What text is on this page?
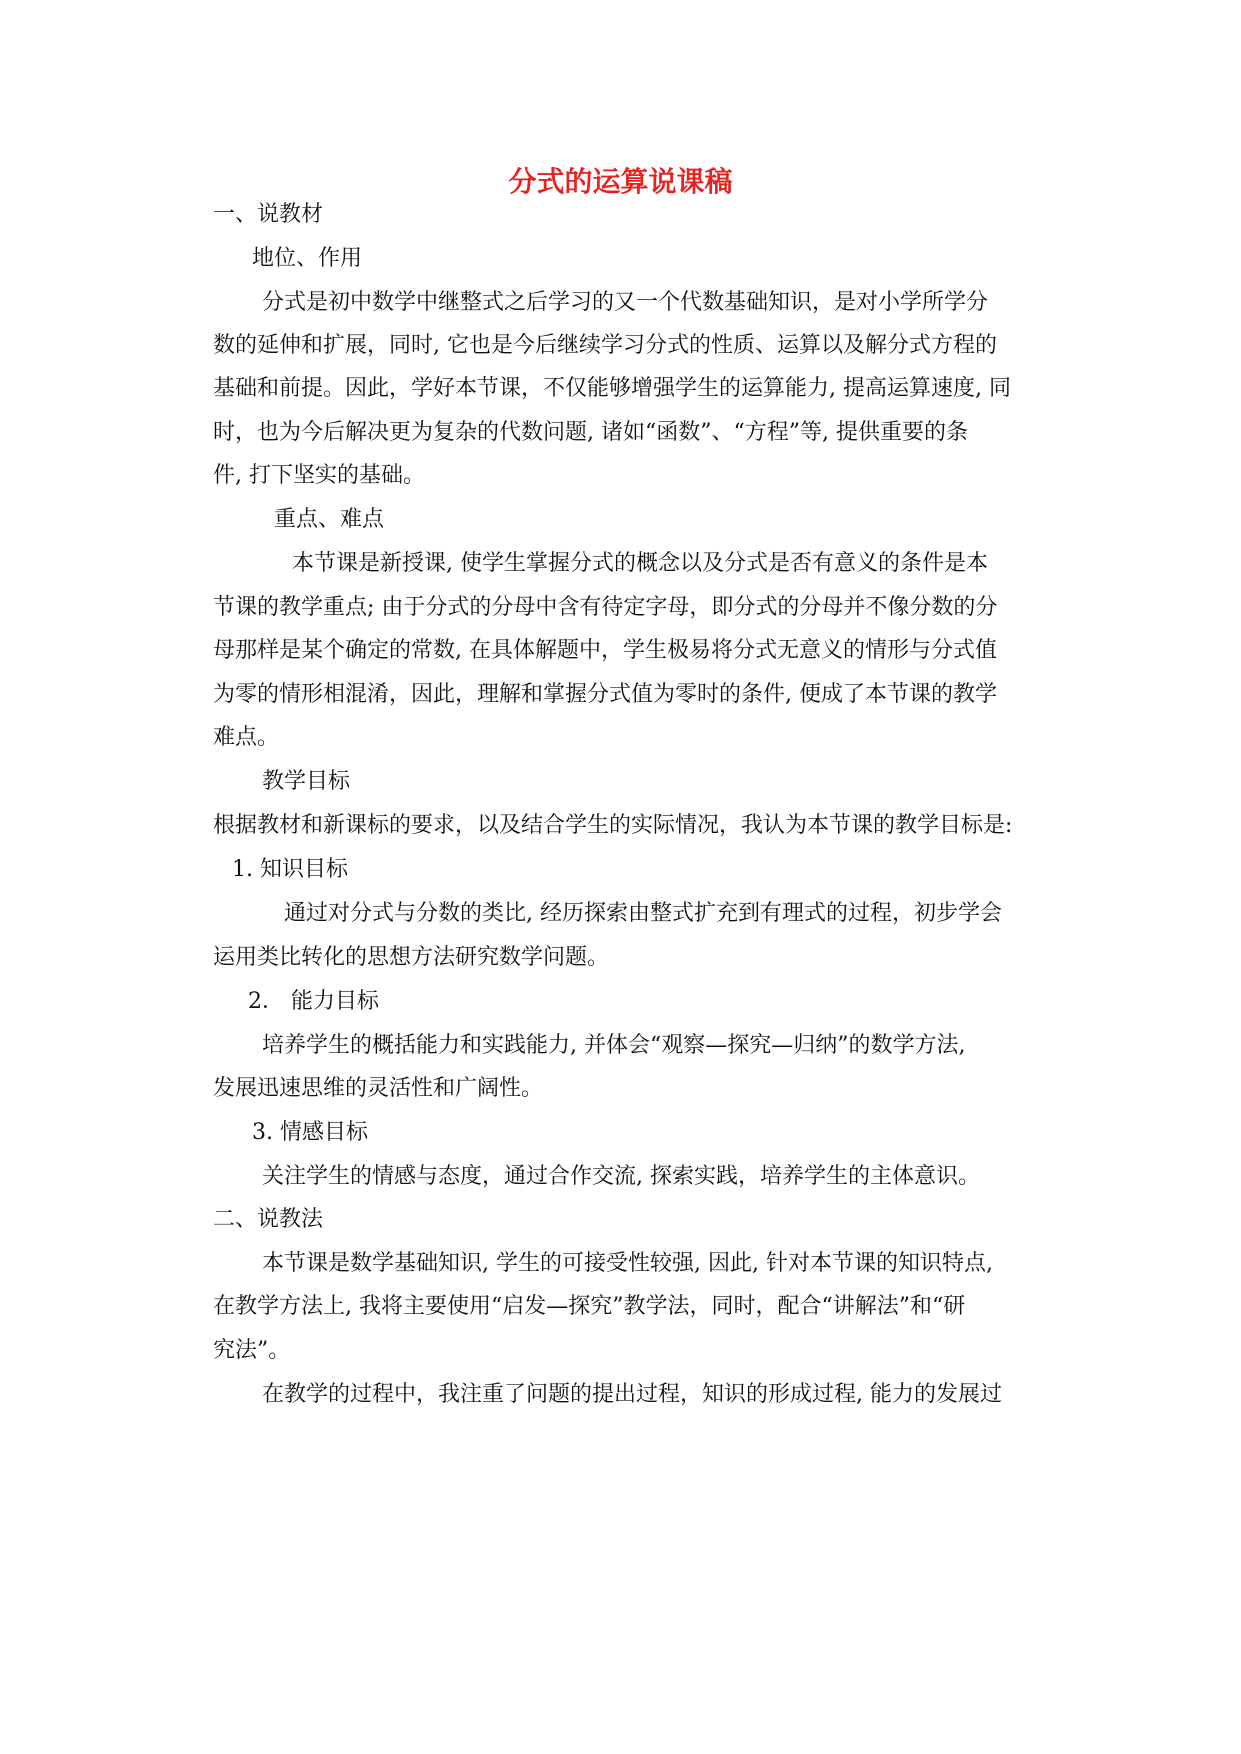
分式的运算说课稿
一、说教材
地位、作用
分式是初中数学中继整式之后学习的又一个代数基础知识，是对小学所学分
数的延伸和扩展，同时, 它也是今后继续学习分式的性质、运算以及解分式方程的
基础和前提。因此，学好本节课，不仅能够增强学生的运算能力, 提高运算速度, 同
时，也为今后解决更为复杂的代数问题, 诸如“函数”、“方程”等, 提供重要的条
件, 打下坚实的基础。
重点、难点
本节课是新授课, 使学生掌握分式的概念以及分式是否有意义的条件是本
节课的教学重点; 由于分式的分母中含有待定字母，即分式的分母并不像分数的分
母那样是某个确定的常数, 在具体解题中，学生极易将分式无意义的情形与分式值
为零的情形相混淆，因此，理解和掌握分式值为零时的条件, 便成了本节课的教学
难点。
教学目标
根据教材和新课标的要求，以及结合学生的实际情况，我认为本节课的教学目标是:
1. 知识目标
通过对分式与分数的类比, 经历探索由整式扩充到有理式的过程，初步学会
运用类比转化的思想方法研究数学问题。
2． 能力目标
培养学生的概括能力和实践能力, 并体会“观察—探究—归纳”的数学方法,
发展迅速思维的灵活性和广阔性。
3. 情感目标
关注学生的情感与态度，通过合作交流, 探索实践，培养学生的主体意识。
二、说教法
本节课是数学基础知识, 学生的可接受性较强, 因此, 针对本节课的知识特点,
在教学方法上, 我将主要使用“启发—探究”教学法，同时，配合“讲解法”和“研
究法”。
在教学的过程中，我注重了问题的提出过程，知识的形成过程, 能力的发展过
